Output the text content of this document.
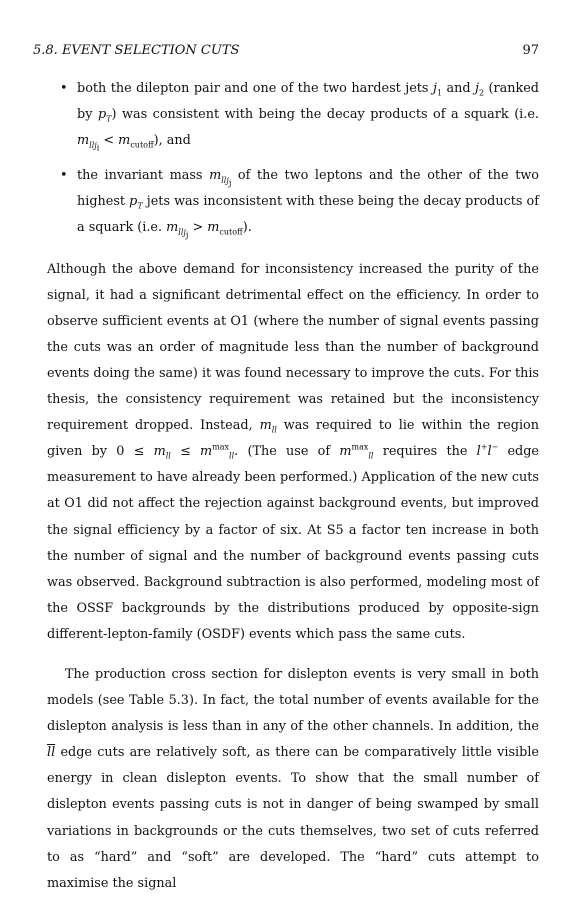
5.8. EVENT SELECTION CUTS	97
• both the dilepton pair and one of the two hardest jets $j_1$ and $j_2$ (ranked by $p_T$) was consistent with being the decay products of a squark (i.e. $m_{llj_i} < m_{cutoff}$), and
• the invariant mass $m_{llj_j}$ of the two leptons and the other of the two highest $p_T$ jets was inconsistent with these being the decay products of a squark (i.e. $m_{llj_j} > m_{cutoff}$).

Although the above demand for inconsistency increased the purity of the signal, it had a significant detrimental effect on the efficiency. In order to observe sufficient events at O1 (where the number of signal events passing the cuts was an order of magnitude less than the number of background events doing the same) it was found necessary to improve the cuts. For this thesis, the consistency requirement was retained but the inconsistency requirement dropped. Instead, $m_{ll}$ was required to lie within the region given by $0 \le m_{ll} \le m^{max}_{ll}$. (The use of $m^{max}_{ll}$ requires the l+l− edge measurement to have already been performed.) Application of the new cuts at O1 did not affect the rejection against background events, but improved the signal efficiency by a factor of six. At S5 a factor ten increase in both the number of signal and the number of background events passing cuts was observed. Background subtraction is also performed, modeling most of the OSSF backgrounds by the distributions produced by opposite-sign different-lepton-family (OSDF) events which pass the same cuts.

The production cross section for dislepton events is very small in both models (see Table 5.3). In fact, the total number of events available for the dislepton analysis is less than in any of the other channels. In addition, the $\overline{ll}$ edge cuts are relatively soft, as there can be comparatively little visible energy in clean dislepton events. To show that the small number of dislepton events passing cuts is not in danger of being swamped by small variations in backgrounds or the cuts themselves, two set of cuts referred to as “hard” and “soft” are developed. The “hard” cuts attempt to maximise the signal
